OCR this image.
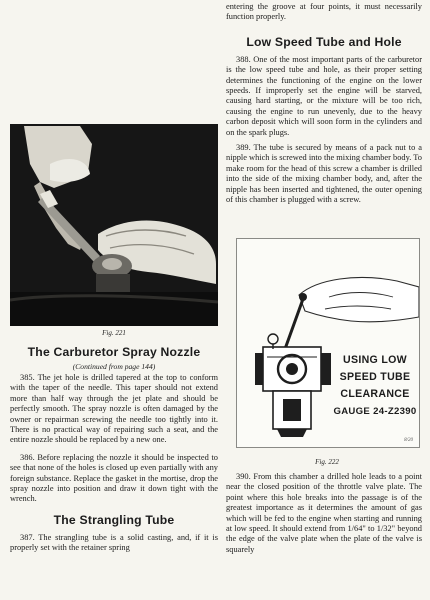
Fig. 221
The Carburetor Spray Nozzle
(Continued from page 144)

385. The jet hole is drilled tapered at the top to conform with the taper of the needle. This taper should not extend more than half way through the jet plate and should be perfectly smooth. The spray nozzle is often damaged by the owner or repairman screwing the needle too tightly into it. There is no practical way of repairing such a seat, and the entire nozzle should be replaced by a new one.

386. Before replacing the nozzle it should be inspected to see that none of the holes is closed up even partially with any foreign substance. Replace the gasket in the mortise, drop the spray nozzle into position and draw it down tight with the wrench.

The Strangling Tube

387. The strangling tube is a solid casting, and, if it is properly set with the retainer spring

entering the groove at four points, it must necessarily function properly.

Low Speed Tube and Hole

388. One of the most important parts of the carburetor is the low speed tube and hole, as their proper setting determines the functioning of the engine on the lower speeds. If improperly set the engine will be starved, causing hard starting, or the mixture will be too rich, causing the engine to run unevenly, due to the heavy carbon deposit which will soon form in the cylinders and on the spark plugs.

389. The tube is secured by means of a pack nut to a nipple which is screwed into the mixing chamber body. To make room for the head of this screw a chamber is drilled into the side of the mixing chamber body, and, after the nipple has been inserted and tightened, the outer opening of this chamber is plugged with a screw.

USING LOW
SPEED TUBE
CLEARANCE
GAUGE 24-Z2390
8/20
Fig. 222

390. From this chamber a drilled hole leads to a point near the closed position of the throttle valve plate. The point where this hole breaks into the passage is of the greatest importance as it determines the amount of gas which will be fed to the engine when starting and running at low speed. It should extend from 1/64" to 1/32" beyond the edge of the valve plate when the plate of the valve is squarely
